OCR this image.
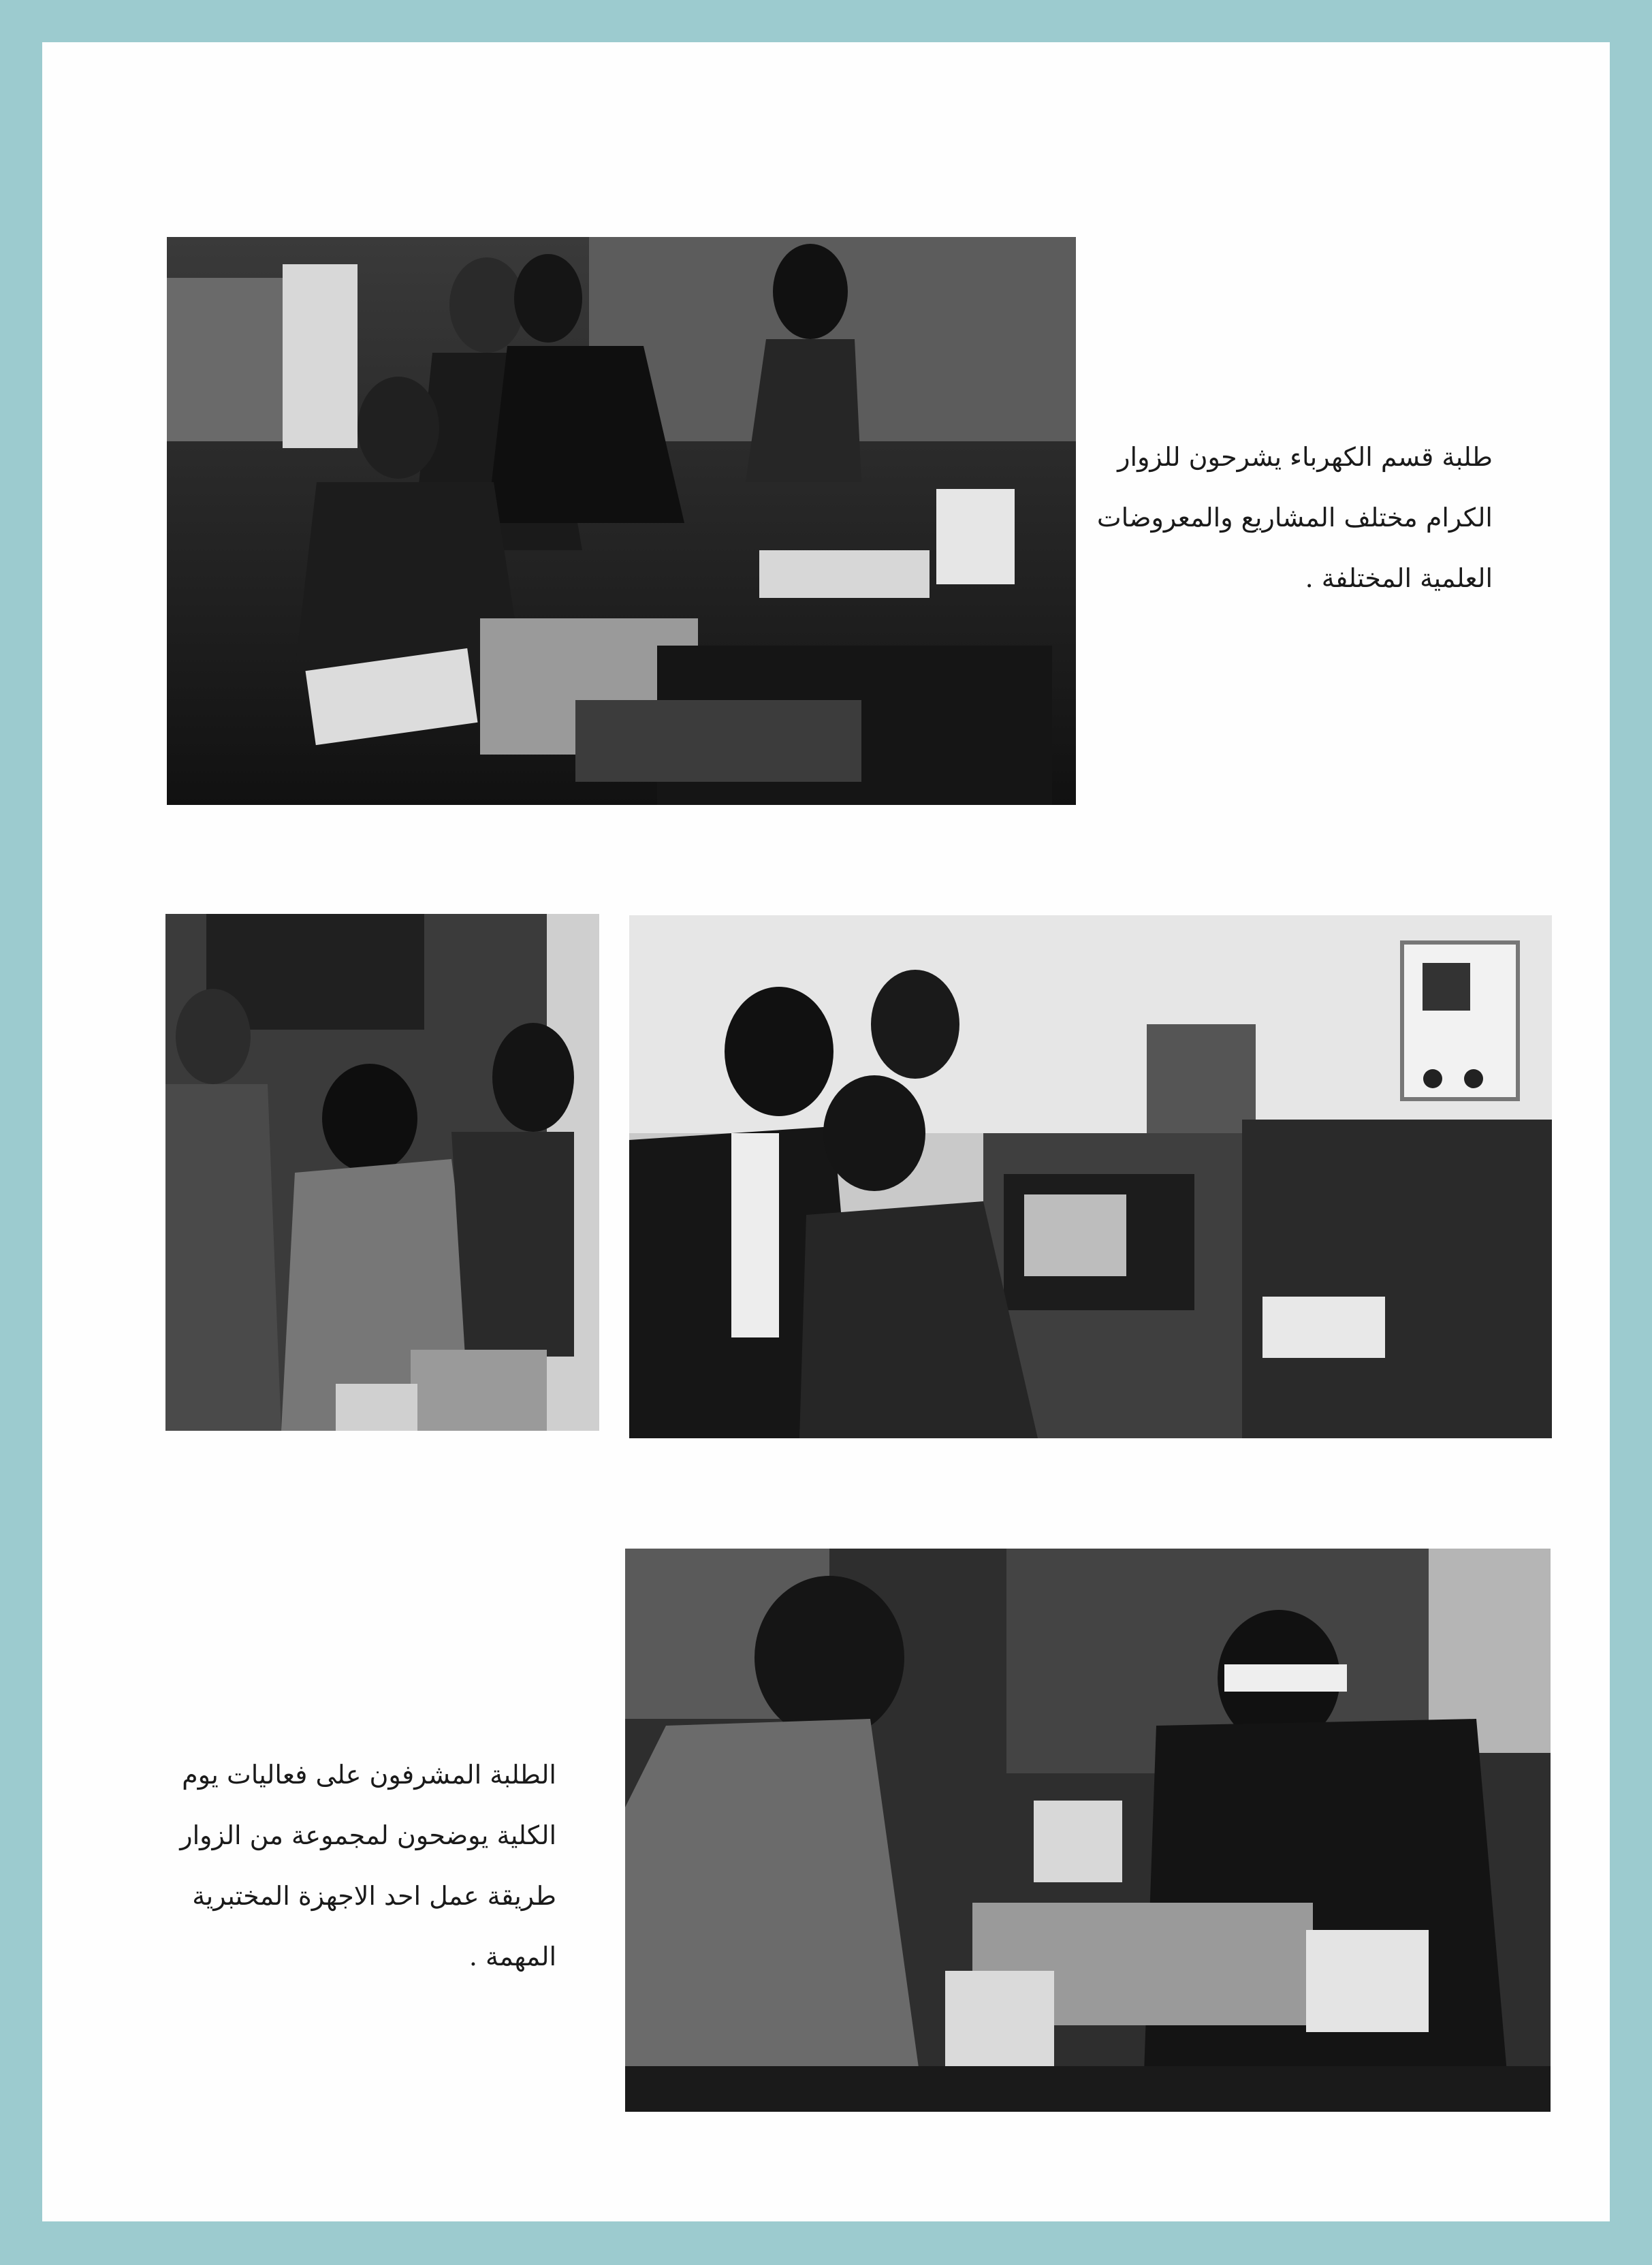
طلبة قسم الكهرباء يشرحون للزوار
الكرام مختلف المشاريع والمعروضات
العلمية المختلفة .
الطلبة المشرفون على فعاليات يوم
الكلية يوضحون لمجموعة من الزوار
طريقة عمل احد الاجهزة المختبرية
المهمة .
